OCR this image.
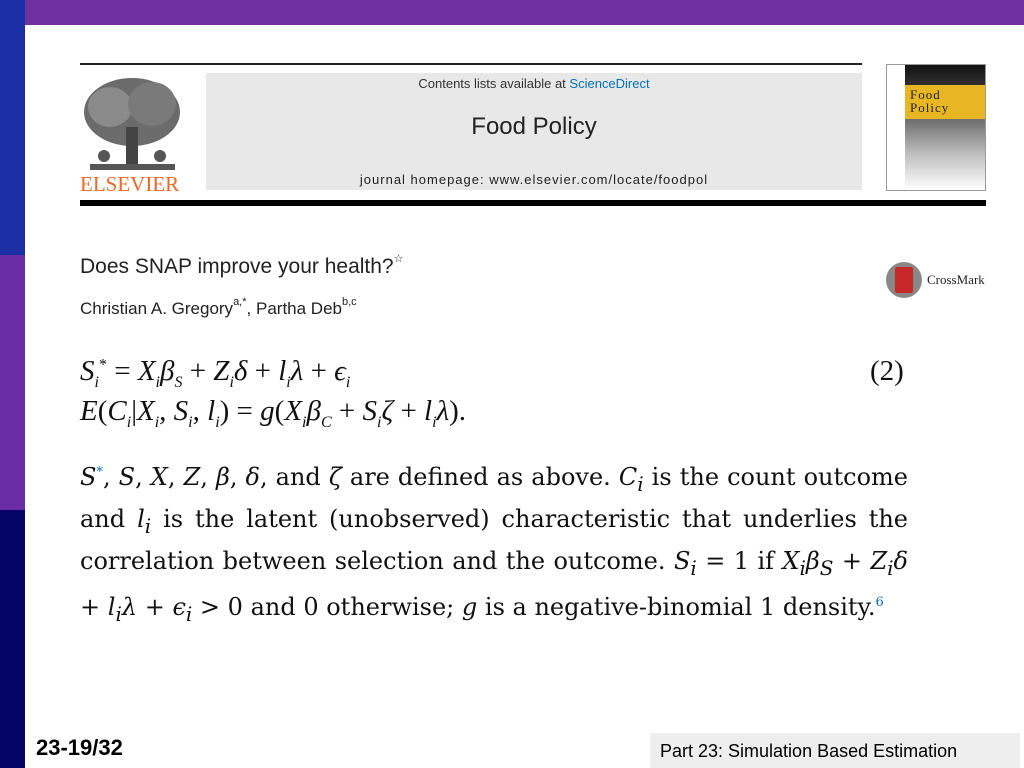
ELSEVIER
Contents lists available at ScienceDirect
Food Policy
journal homepage: www.elsevier.com/locate/foodpol
Food
Policy
Does SNAP improve your health?☆
Christian A. Gregory$^{a,*}$, Partha Deb$^{b,c}$
CrossMark
$S_i^* = X_i\beta_S + Z_i\delta + l_i\lambda + \epsilon_i$	(2)
$E(C_i|X_i$, $S_i$, $l_i) = g(X_i\beta_C + S_i\zeta + l_i\lambda)$.
S*, S, X, Z, β, δ, and ζ are defined as above. $C_i$ is the count outcome and $l_i$ is the latent (unobserved) characteristic that underlies the correlation between selection and the outcome. $S_i = 1$ if $X_i\beta_S + Z_i\delta + l_i\lambda + \epsilon_i > 0$ and 0 otherwise; g is a negative-binomial 1 density.$^6$
23-19/32	Part 23: Simulation Based Estimation
